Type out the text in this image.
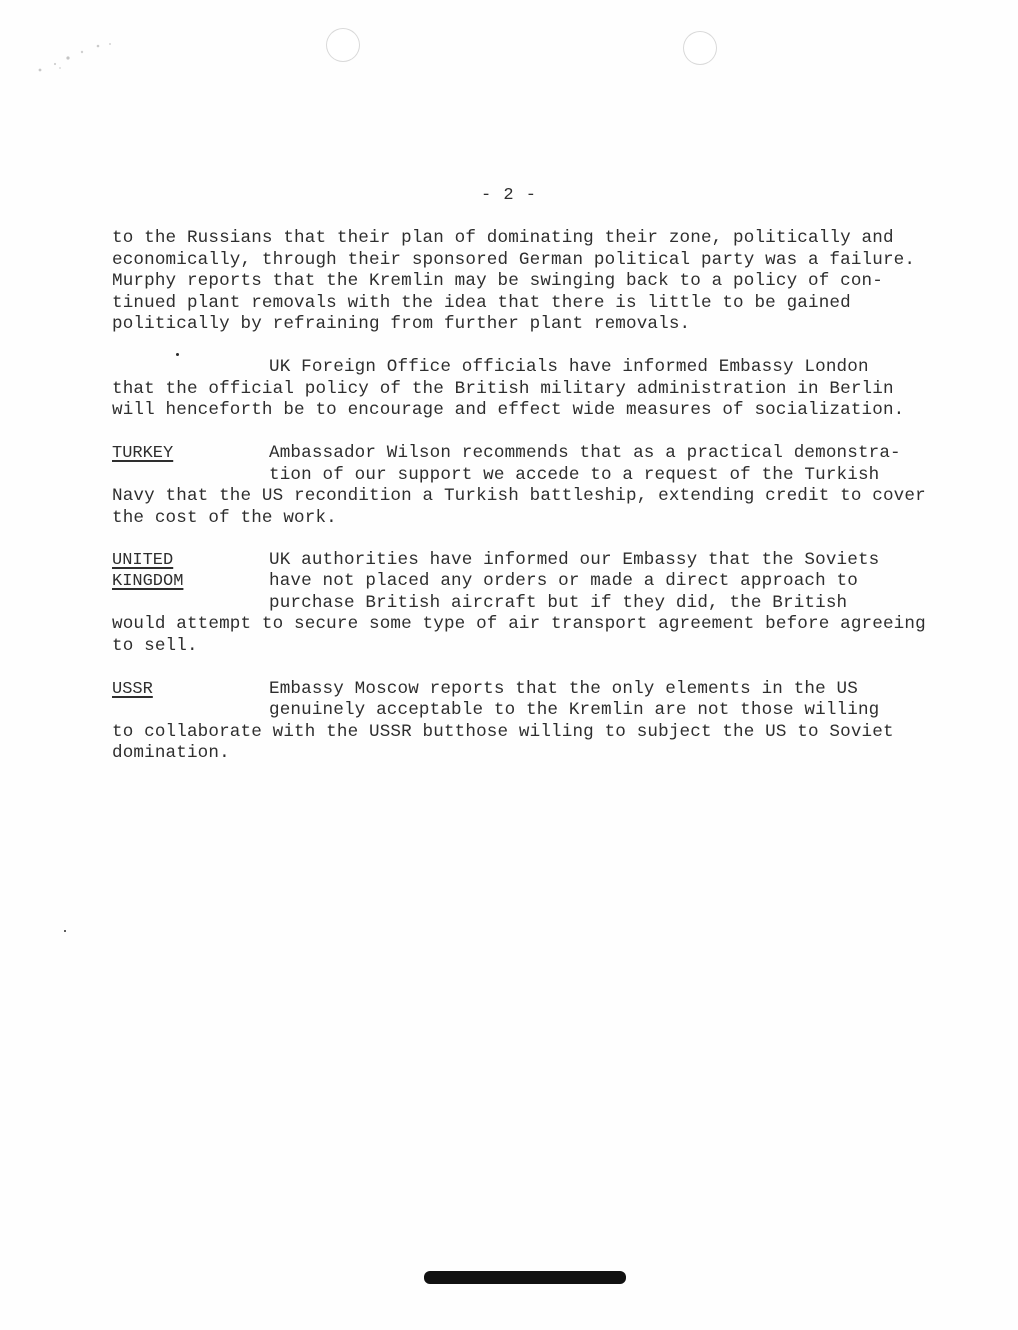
- 2 -
to the Russians that their plan of dominating their zone, politically and
economically, through their sponsored German political party was a failure.
Murphy reports that the Kremlin may be swinging back to a policy of con-
tinued plant removals with the idea that there is little to be gained
politically by refraining from further plant removals.
UK Foreign Office officials have informed Embassy London
that the official policy of the British military administration in Berlin
will henceforth be to encourage and effect wide measures of socialization.
TURKEY	Ambassador Wilson recommends that as a practical demonstra-
tion of our support we accede to a request of the Turkish
Navy that the US recondition a Turkish battleship, extending credit to cover
the cost of the work.
UNITED
KINGDOM
UK authorities have informed our Embassy that the Soviets
have not placed any orders or made a direct approach to
purchase British aircraft but if they did, the British
would attempt to secure some type of air transport agreement before agreeing
to sell.
USSR	Embassy Moscow reports that the only elements in the US
genuinely acceptable to the Kremlin are not those willing
to collaborate with the USSR butthose willing to subject the US to Soviet
domination.
